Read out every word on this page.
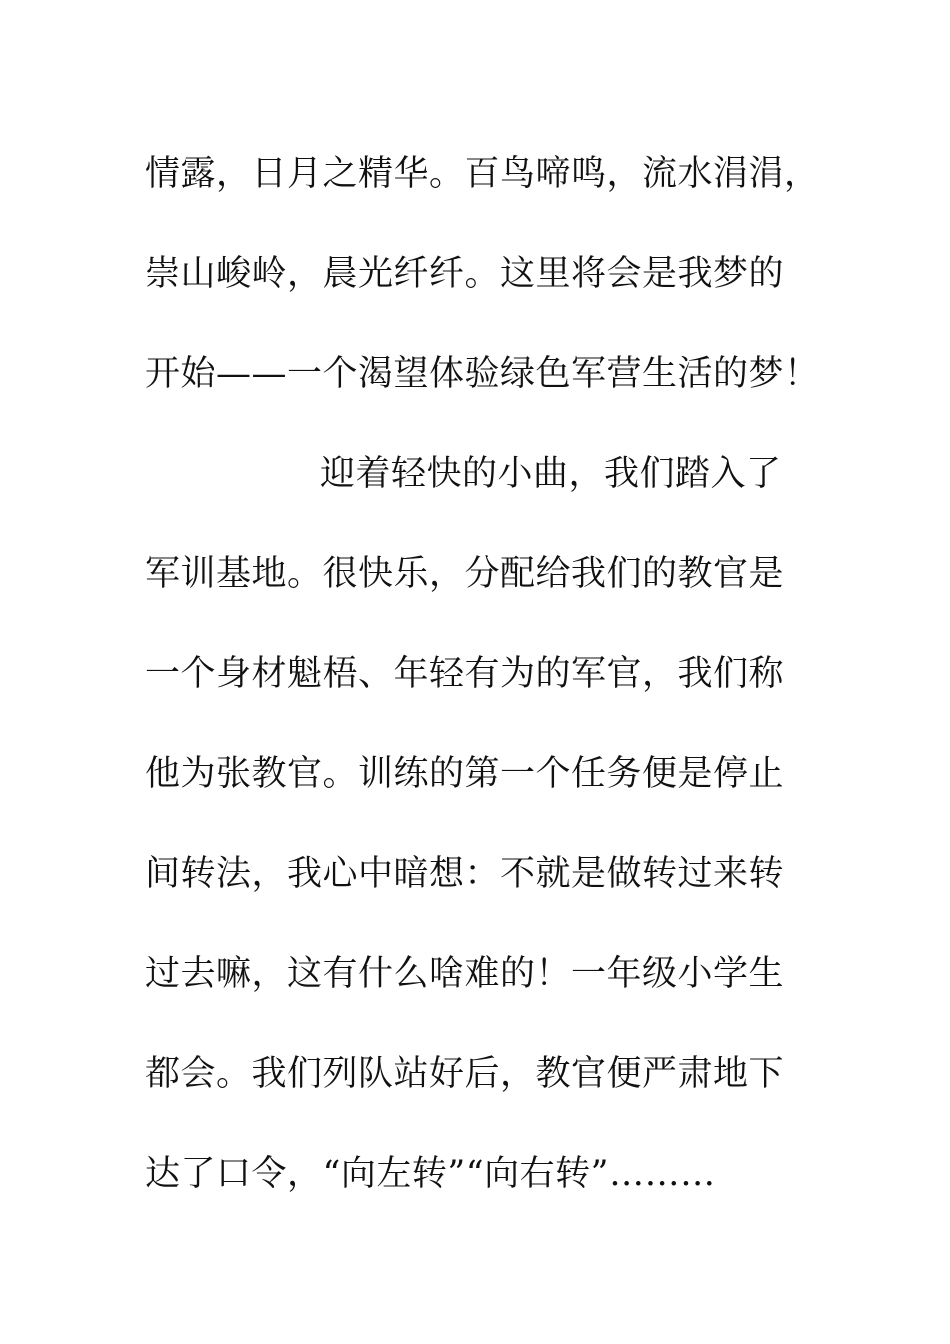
情露，日月之精华。百鸟啼鸣，流水涓涓，
崇山峻岭，晨光纤纤。这里将会是我梦的
开始——一个渴望体验绿色军营生活的梦！
迎着轻快的小曲，我们踏入了
军训基地。很快乐，分配给我们的教官是
一个身材魁梧、年轻有为的军官，我们称
他为张教官。训练的第一个任务便是停止
间转法，我心中暗想：不就是做转过来转
过去嘛，这有什么啥难的！一年级小学生
都会。我们列队站好后，教官便严肃地下
达了口令，“向左转”“向右转”………
